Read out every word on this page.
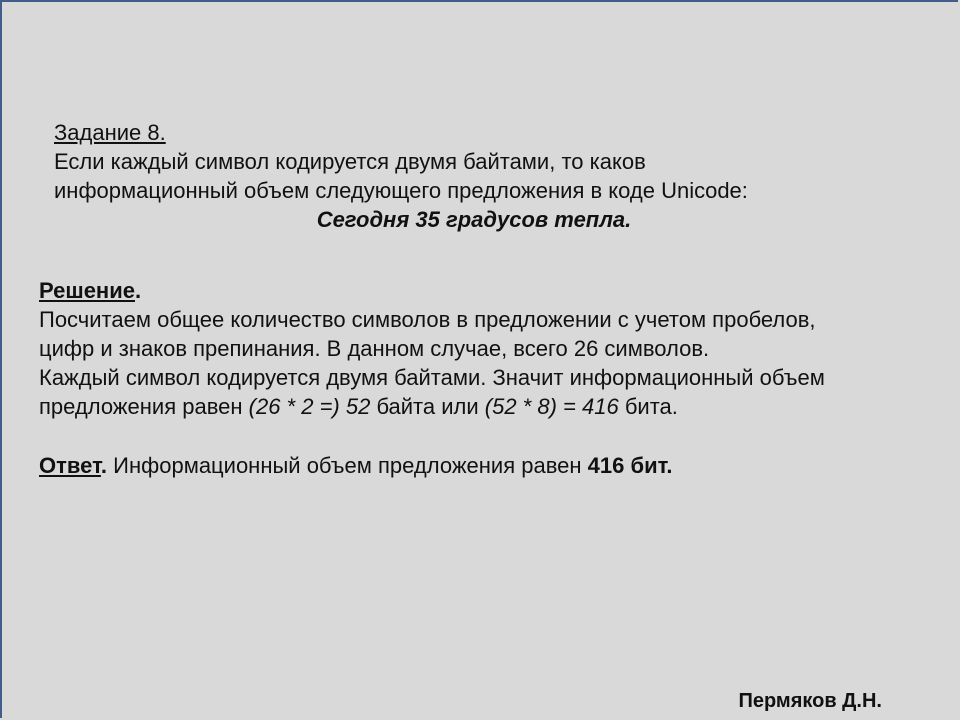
Задание 8.
Если каждый символ кодируется двумя байтами, то каков
информационный объем следующего предложения в коде Unicode:
Сегодня 35 градусов тепла.
Решение.
Посчитаем общее количество символов в предложении с учетом пробелов,
цифр и знаков препинания. В данном случае, всего 26 символов.
Каждый символ кодируется двумя байтами. Значит информационный объем
предложения равен (26 * 2 =) 52 байта или (52 * 8) = 416 бита.
Ответ. Информационный объем предложения равен 416 бит.
Пермяков Д.Н.
